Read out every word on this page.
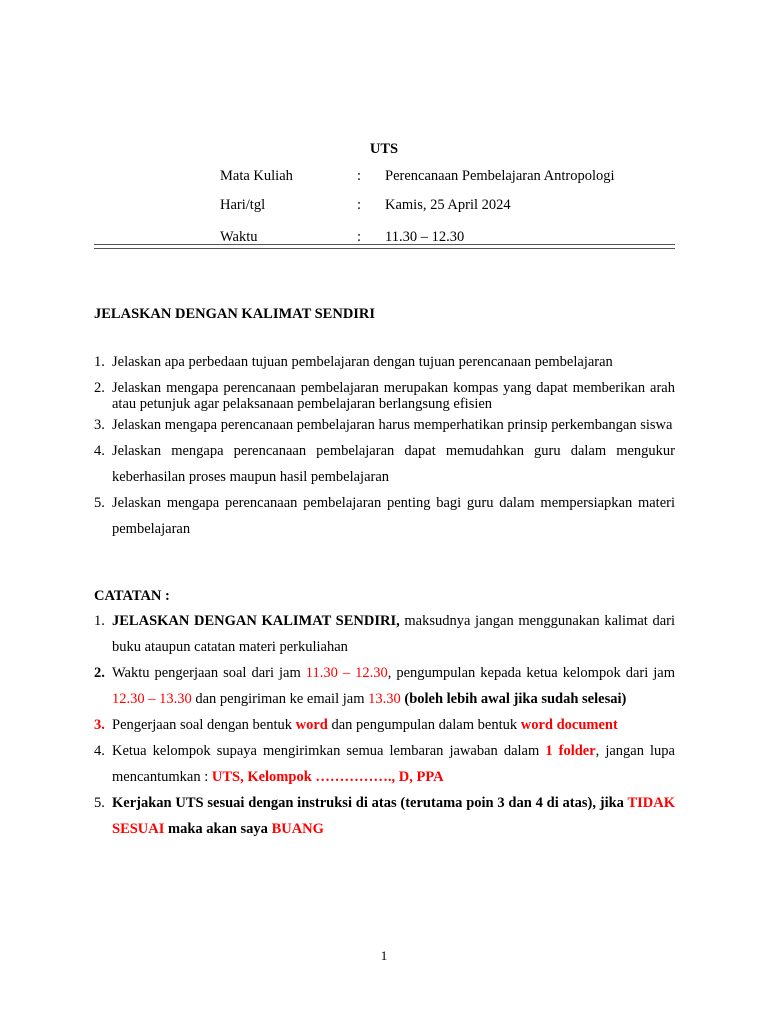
UTS
Mata Kuliah	: Perencanaan Pembelajaran Antropologi
Hari/tgl	: Kamis, 25 April 2024
Waktu	: 11.30 – 12.30
JELASKAN DENGAN KALIMAT SENDIRI
1. Jelaskan apa perbedaan tujuan pembelajaran dengan tujuan perencanaan pembelajaran
2. Jelaskan mengapa perencanaan pembelajaran merupakan kompas yang dapat memberikan arah atau petunjuk agar pelaksanaan pembelajaran berlangsung efisien
3. Jelaskan mengapa perencanaan pembelajaran harus memperhatikan prinsip perkembangan siswa
4. Jelaskan mengapa perencanaan pembelajaran dapat memudahkan guru dalam mengukur keberhasilan proses maupun hasil pembelajaran
5. Jelaskan mengapa perencanaan pembelajaran penting bagi guru dalam mempersiapkan materi pembelajaran
CATATAN :
1. JELASKAN DENGAN KALIMAT SENDIRI, maksudnya jangan menggunakan kalimat dari buku ataupun catatan materi perkuliahan
2. Waktu pengerjaan soal dari jam 11.30 – 12.30, pengumpulan kepada ketua kelompok dari jam 12.30 – 13.30 dan pengiriman ke email jam 13.30 (boleh lebih awal jika sudah selesai)
3. Pengerjaan soal dengan bentuk word dan pengumpulan dalam bentuk word document
4. Ketua kelompok supaya mengirimkan semua lembaran jawaban dalam 1 folder, jangan lupa mencantumkan : UTS, Kelompok ……………., D, PPA
5. Kerjakan UTS sesuai dengan instruksi di atas (terutama poin 3 dan 4 di atas), jika TIDAK SESUAI maka akan saya BUANG
1
